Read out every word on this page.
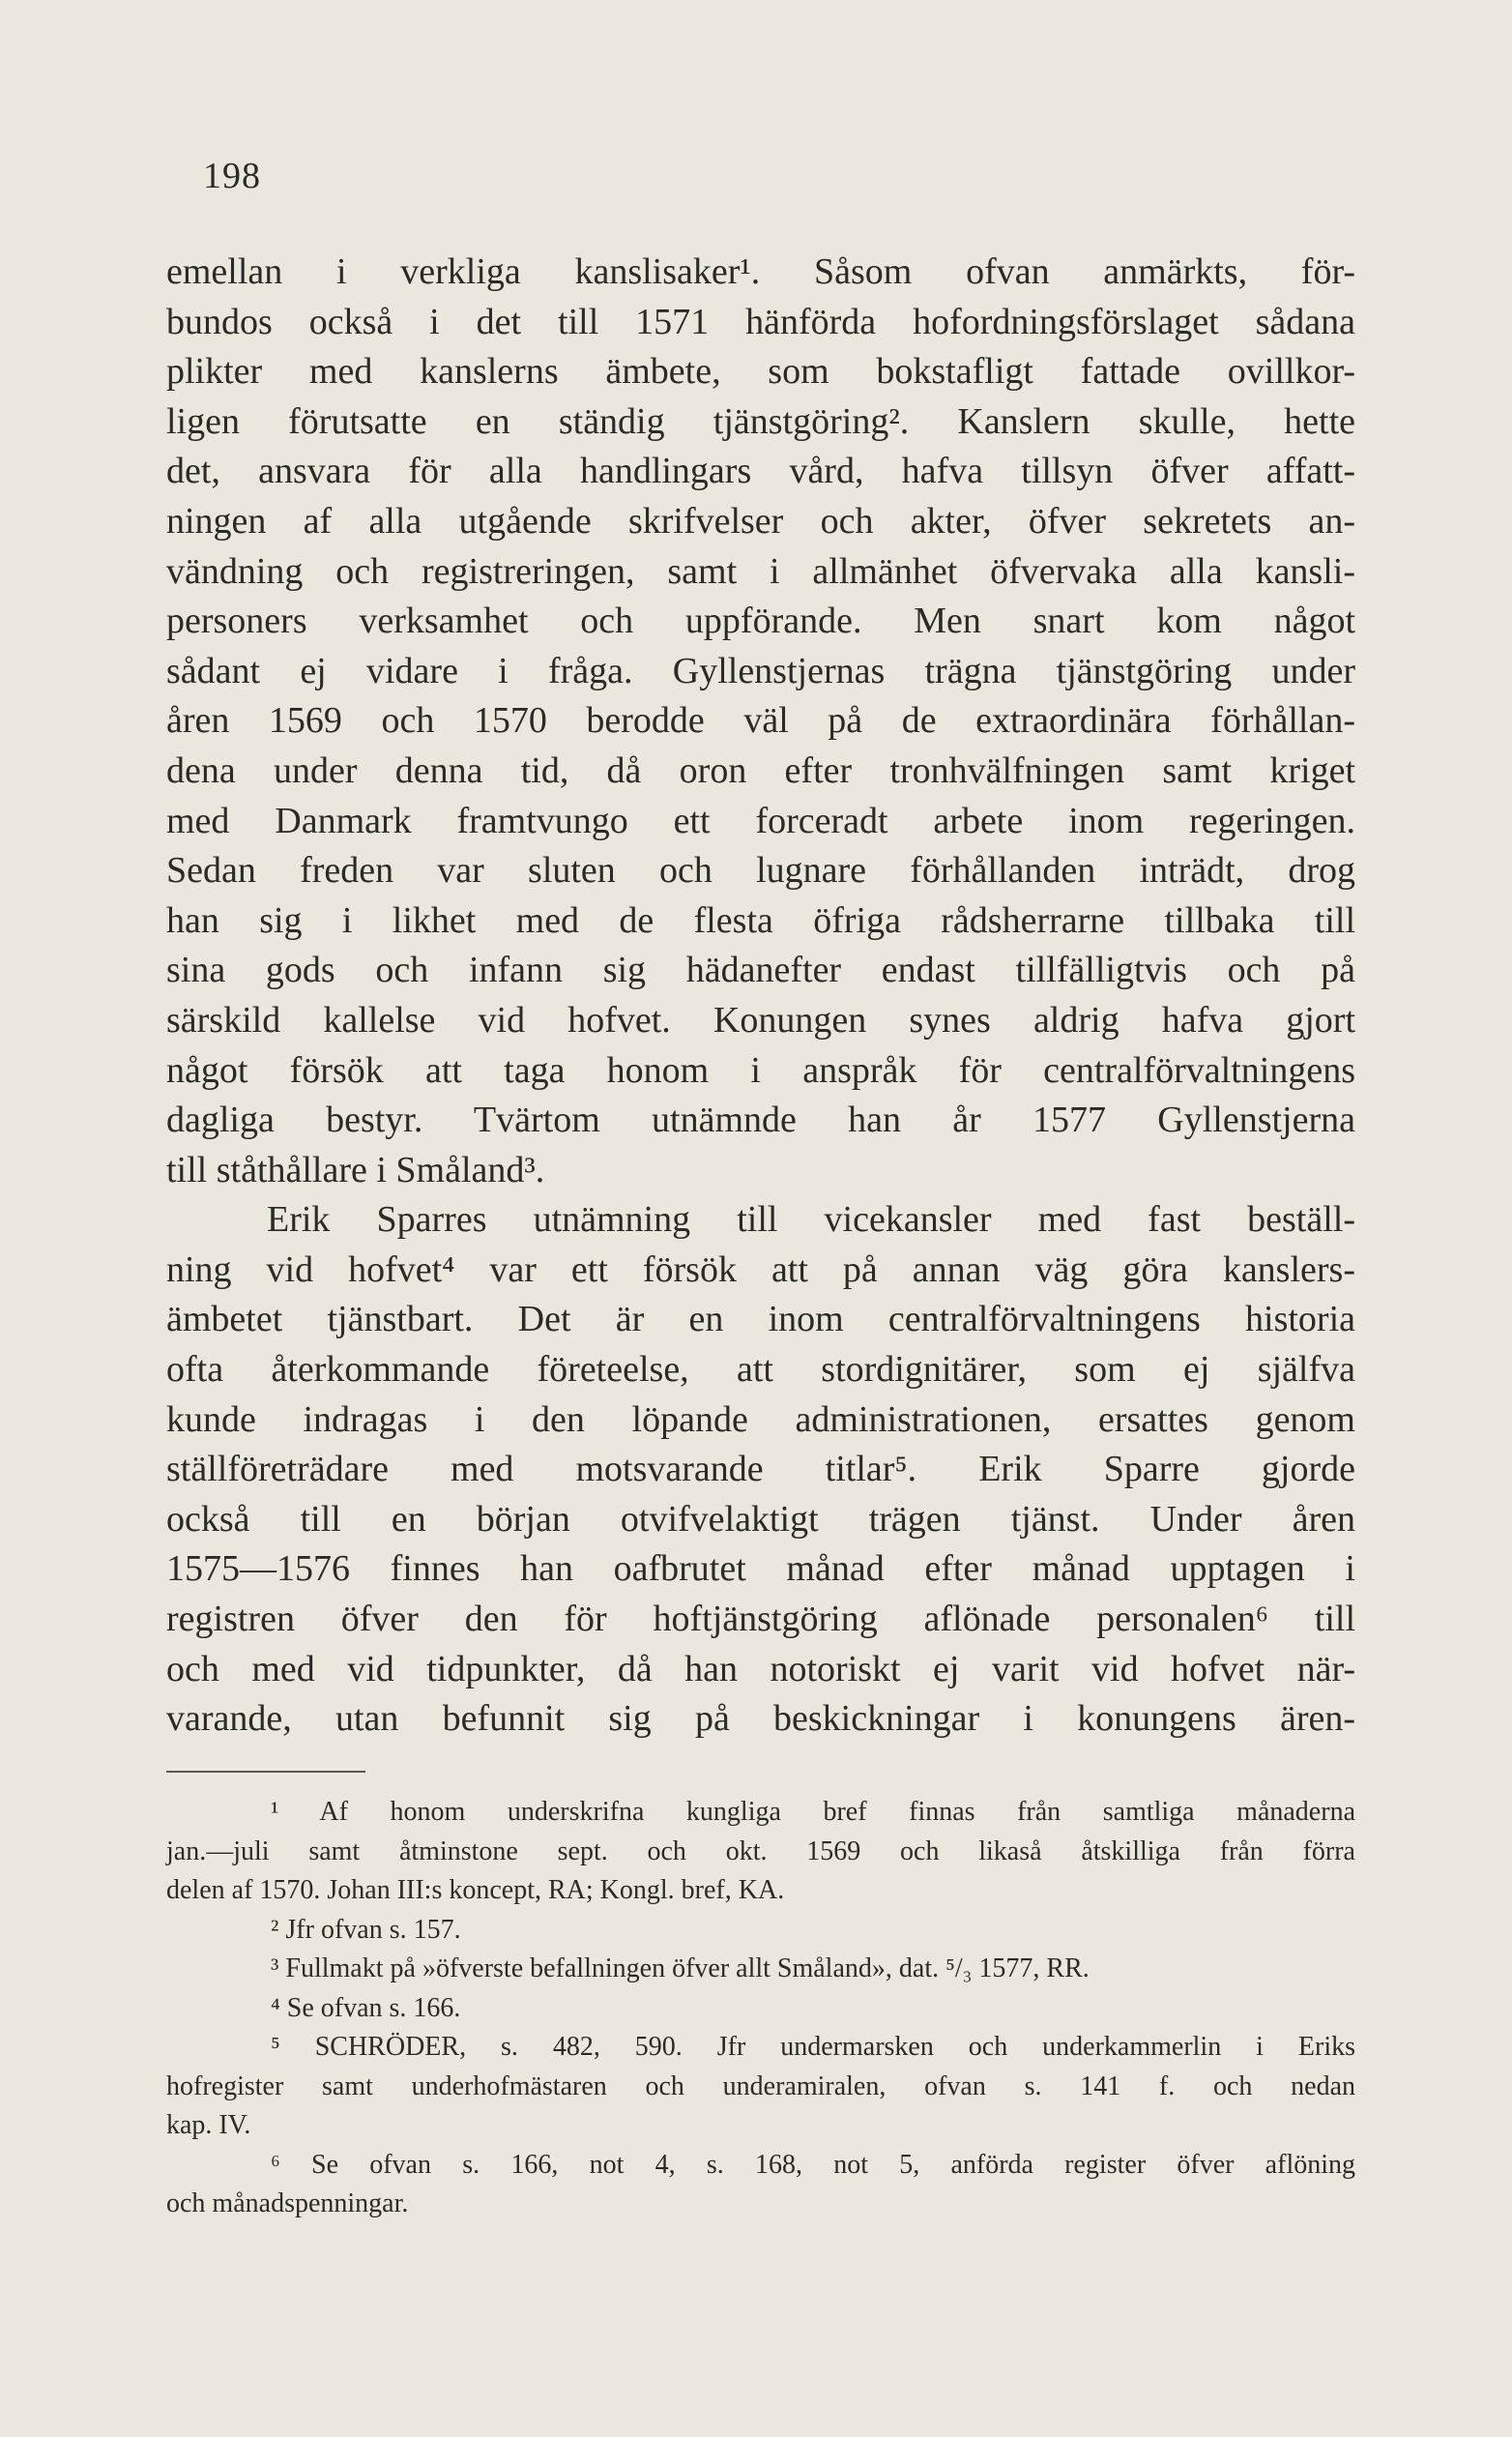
198
emellan i verkliga kanslisaker¹. Såsom ofvan anmärkts, för-
bundos också i det till 1571 hänförda hofordningsförslaget sådana
plikter med kanslerns ämbete, som bokstafligt fattade ovillkor-
ligen förutsatte en ständig tjänstgöring². Kanslern skulle, hette
det, ansvara för alla handlingars vård, hafva tillsyn öfver affatt-
ningen af alla utgående skrifvelser och akter, öfver sekretets an-
vändning och registreringen, samt i allmänhet öfvervaka alla kansli-
personers verksamhet och uppförande. Men snart kom något
sådant ej vidare i fråga. Gyllenstjernas trägna tjänstgöring under
åren 1569 och 1570 berodde väl på de extraordinära förhållan-
dena under denna tid, då oron efter tronhvälfningen samt kriget
med Danmark framtvungo ett forceradt arbete inom regeringen.
Sedan freden var sluten och lugnare förhållanden inträdt, drog
han sig i likhet med de flesta öfriga rådsherrarne tillbaka till
sina gods och infann sig hädanefter endast tillfälligtvis och på
särskild kallelse vid hofvet. Konungen synes aldrig hafva gjort
något försök att taga honom i anspråk för centralförvaltningens
dagliga bestyr. Tvärtom utnämnde han år 1577 Gyllenstjerna
till ståthållare i Småland³.
Erik Sparres utnämning till vicekansler med fast beställ-
ning vid hofvet⁴ var ett försök att på annan väg göra kanslers-
ämbetet tjänstbart. Det är en inom centralförvaltningens historia
ofta återkommande företeelse, att stordignitärer, som ej själfva
kunde indragas i den löpande administrationen, ersattes genom
ställföreträdare med motsvarande titlar⁵. Erik Sparre gjorde
också till en början otvifvelaktigt trägen tjänst. Under åren
1575—1576 finnes han oafbrutet månad efter månad upptagen i
registren öfver den för hoftjänstgöring aflönade personalen⁶ till
och med vid tidpunkter, då han notoriskt ej varit vid hofvet när-
varande, utan befunnit sig på beskickningar i konungens ären-
¹ Af honom underskrifna kungliga bref finnas från samtliga månaderna
jan.—juli samt åtminstone sept. och okt. 1569 och likaså åtskilliga från förra
delen af 1570. Johan III:s koncept, RA; Kongl. bref, KA.
² Jfr ofvan s. 157.
³ Fullmakt på »öfverste befallningen öfver allt Småland», dat. ⁵/₃ 1577, RR.
⁴ Se ofvan s. 166.
⁵ SCHRÖDER, s. 482, 590. Jfr undermarsken och underkammerlin i Eriks
hofregister samt underhofmästaren och underamiralen, ofvan s. 141 f. och nedan
kap. IV.
⁶ Se ofvan s. 166, not 4, s. 168, not 5, anförda register öfver aflöning
och månadspenningar.
